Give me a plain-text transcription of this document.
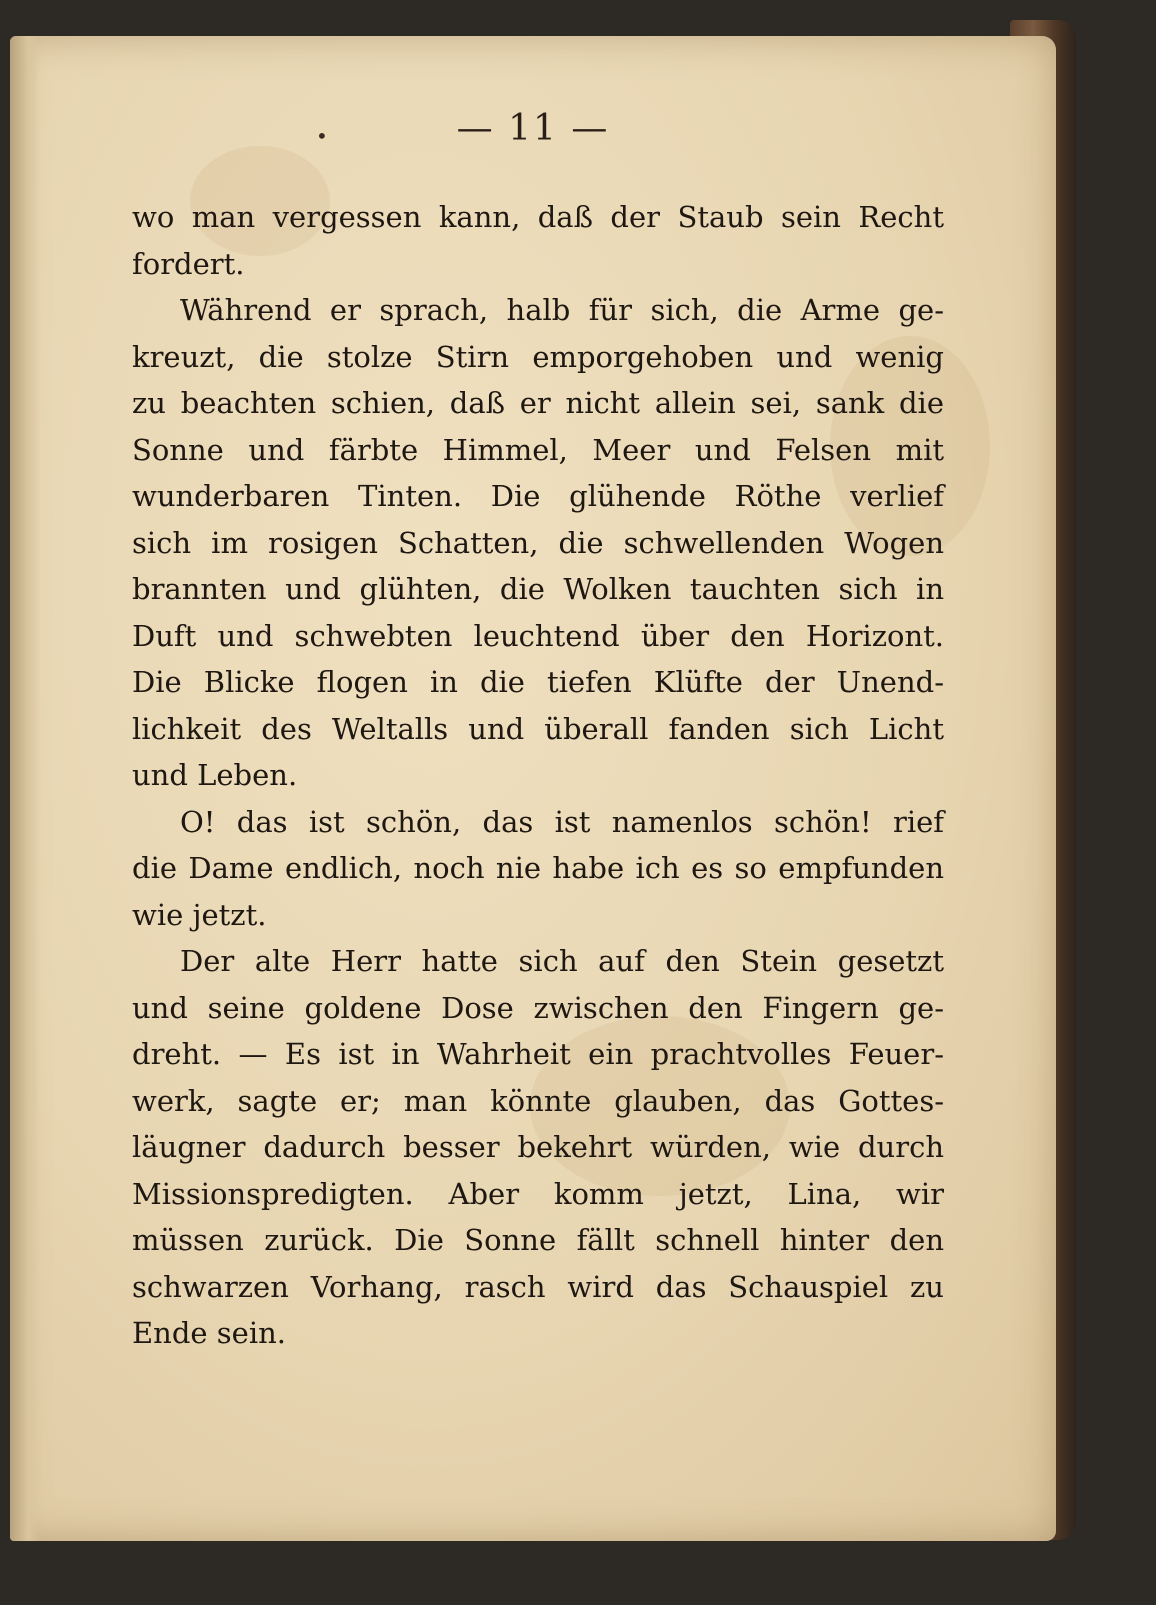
•	— 11 —
wo man vergessen kann, daß der Staub sein Recht
fordert.
Während er sprach, halb für sich, die Arme ge-
kreuzt, die stolze Stirn emporgehoben und wenig
zu beachten schien, daß er nicht allein sei, sank die
Sonne und färbte Himmel, Meer und Felsen mit
wunderbaren Tinten. Die glühende Röthe verlief
sich im rosigen Schatten, die schwellenden Wogen
brannten und glühten, die Wolken tauchten sich in
Duft und schwebten leuchtend über den Horizont.
Die Blicke flogen in die tiefen Klüfte der Unend-
lichkeit des Weltalls und überall fanden sich Licht
und Leben.
O! das ist schön, das ist namenlos schön! rief
die Dame endlich, noch nie habe ich es so empfunden
wie jetzt.
Der alte Herr hatte sich auf den Stein gesetzt
und seine goldene Dose zwischen den Fingern ge-
dreht. — Es ist in Wahrheit ein prachtvolles Feuer-
werk, sagte er; man könnte glauben, das Gottes-
läugner dadurch besser bekehrt würden, wie durch
Missionspredigten. Aber komm jetzt, Lina, wir
müssen zurück. Die Sonne fällt schnell hinter den
schwarzen Vorhang, rasch wird das Schauspiel zu
Ende sein.
